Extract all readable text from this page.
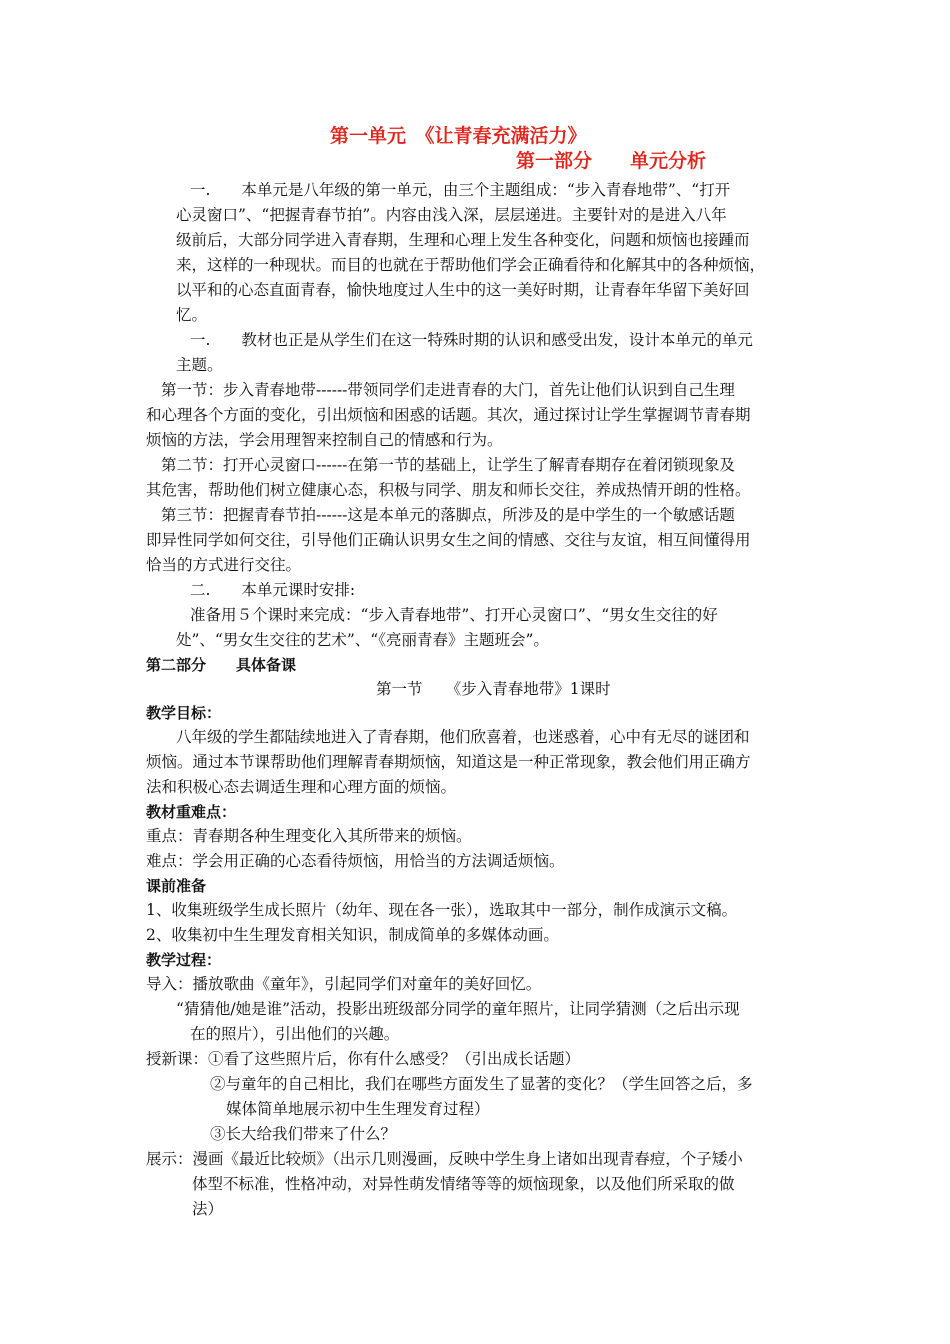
第一单元　《让青春充满活力》
第一部分　　单元分析
一.　　本单元是八年级的第一单元，由三个主题组成：“步入青春地带”、“打开
心灵窗口”、“把握青春节拍”。内容由浅入深，层层递进。主要针对的是进入八年
级前后，大部分同学进入青春期，生理和心理上发生各种变化，问题和烦恼也接踵而
来，这样的一种现状。而目的也就在于帮助他们学会正确看待和化解其中的各种烦恼，
以平和的心态直面青春，愉快地度过人生中的这一美好时期，让青春年华留下美好回
忆。
一.　　教材也正是从学生们在这一特殊时期的认识和感受出发，设计本单元的单元
主题。
第一节：步入青春地带------带领同学们走进青春的大门，首先让他们认识到自己生理
和心理各个方面的变化，引出烦恼和困惑的话题。其次，通过探讨让学生掌握调节青春期
烦恼的方法，学会用理智来控制自己的情感和行为。
第二节：打开心灵窗口------在第一节的基础上，让学生了解青春期存在着闭锁现象及
其危害，帮助他们树立健康心态，积极与同学、朋友和师长交往，养成热情开朗的性格。
第三节：把握青春节拍------这是本单元的落脚点，所涉及的是中学生的一个敏感话题
即异性同学如何交往，引导他们正确认识男女生之间的情感、交往与友谊，相互间懂得用
恰当的方式进行交往。
二.　　本单元课时安排:
准备用５个课时来完成：“步入青春地带”、打开心灵窗口”、“男女生交往的好
处”、“男女生交往的艺术”、“《亮丽青春》主题班会”。
第二部分　　具体备课
第一节　　《步入青春地带》1课时
教学目标：
八年级的学生都陆续地进入了青春期，他们欣喜着，也迷惑着，心中有无尽的谜团和
烦恼。通过本节课帮助他们理解青春期烦恼，知道这是一种正常现象，教会他们用正确方
法和积极心态去调适生理和心理方面的烦恼。
教材重难点：
重点：青春期各种生理变化入其所带来的烦恼。
难点：学会用正确的心态看待烦恼，用恰当的方法调适烦恼。
课前准备
1、收集班级学生成长照片（幼年、现在各一张），选取其中一部分，制作成演示文稿。
2、收集初中生生理发育相关知识，制成简单的多媒体动画。
教学过程：
导入：播放歌曲《童年》，引起同学们对童年的美好回忆。
“猜猜他/她是谁”活动，投影出班级部分同学的童年照片，让同学猜测（之后出示现
在的照片），引出他们的兴趣。
授新课：①看了这些照片后，你有什么感受？（引出成长话题）
②与童年的自己相比，我们在哪些方面发生了显著的变化？（学生回答之后，多
媒体简单地展示初中生生理发育过程）
③长大给我们带来了什么？
展示：漫画《最近比较烦》（出示几则漫画，反映中学生身上诸如出现青春痘，个子矮小
体型不标准，性格冲动，对异性萌发情绪等等的烦恼现象，以及他们所采取的做
法）
